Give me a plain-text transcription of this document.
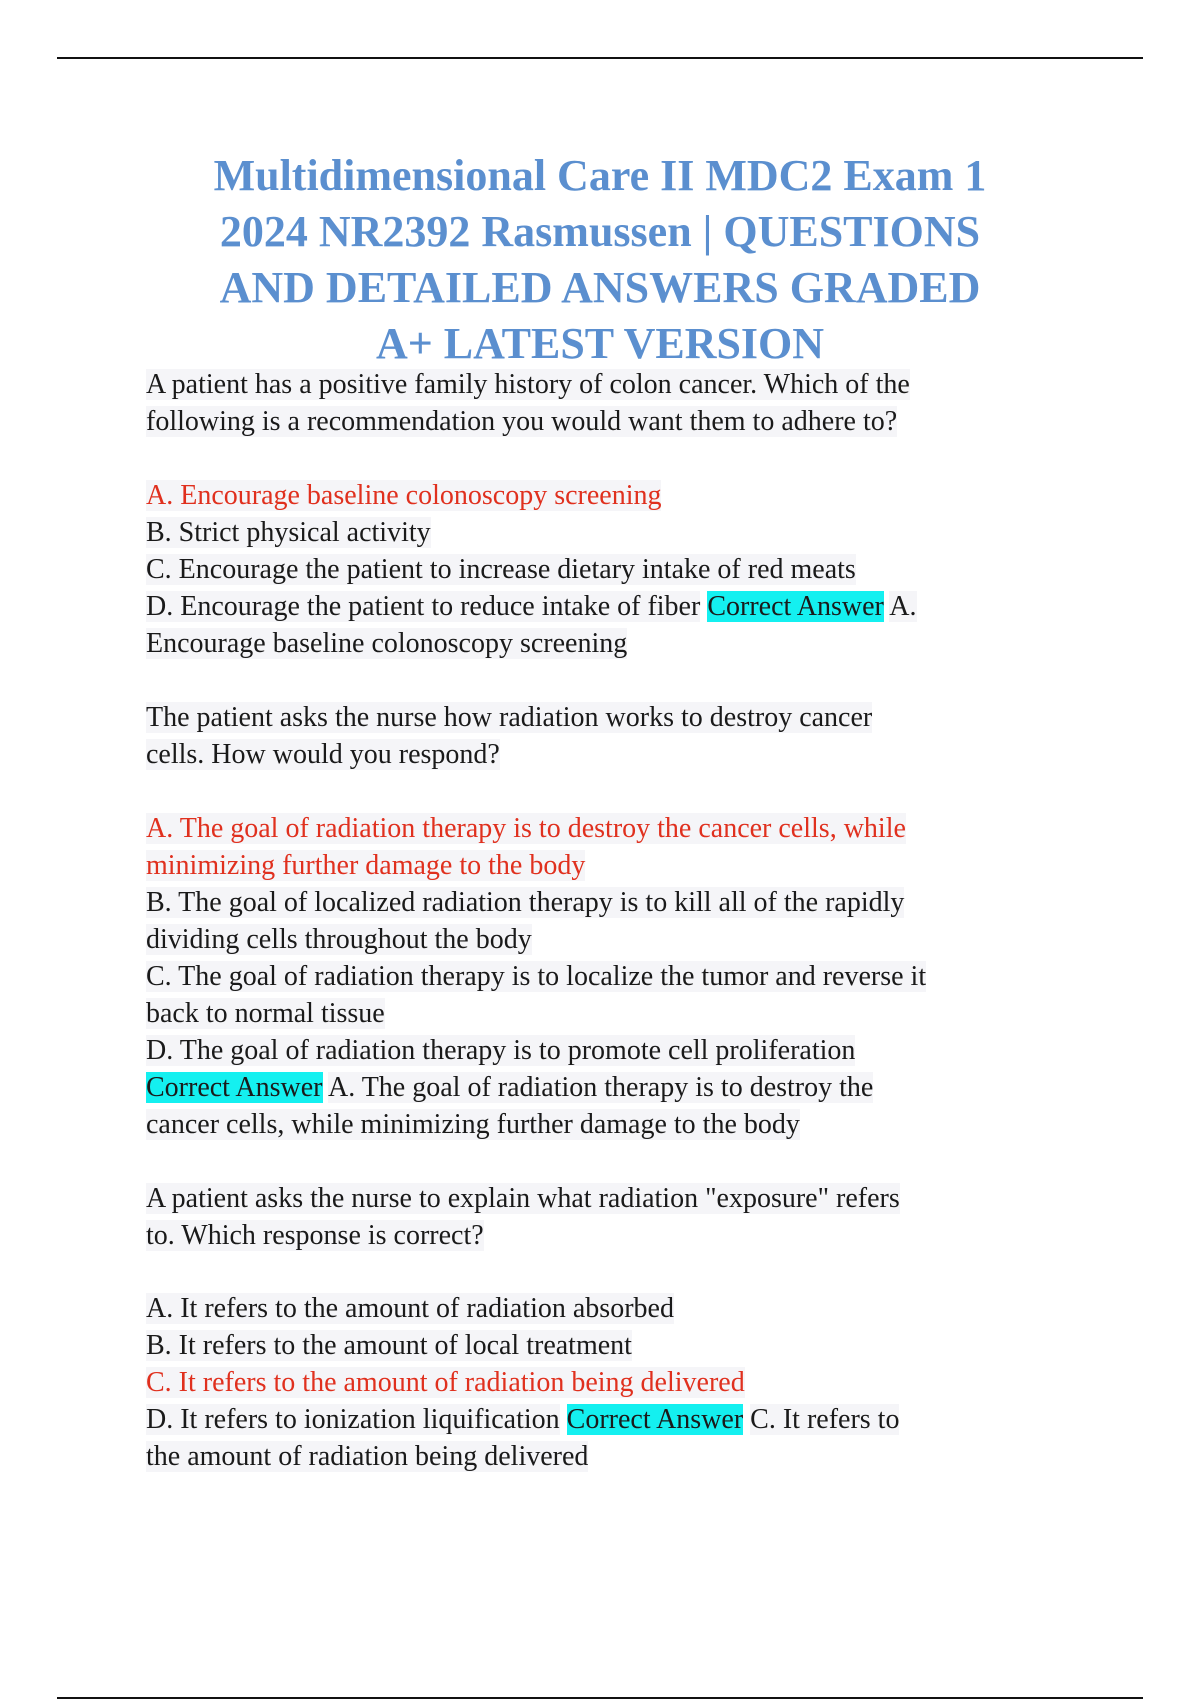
Multidimensional Care II MDC2 Exam 1
2024 NR2392 Rasmussen | QUESTIONS
AND DETAILED ANSWERS GRADED
A+ LATEST VERSION
A patient has a positive family history of colon cancer. Which of the
following is a recommendation you would want them to adhere to?
A. Encourage baseline colonoscopy screening
B. Strict physical activity
C. Encourage the patient to increase dietary intake of red meats
D. Encourage the patient to reduce intake of fiber Correct Answer A.
Encourage baseline colonoscopy screening
The patient asks the nurse how radiation works to destroy cancer
cells. How would you respond?
A. The goal of radiation therapy is to destroy the cancer cells, while
minimizing further damage to the body
B. The goal of localized radiation therapy is to kill all of the rapidly
dividing cells throughout the body
C. The goal of radiation therapy is to localize the tumor and reverse it
back to normal tissue
D. The goal of radiation therapy is to promote cell proliferation
Correct Answer A. The goal of radiation therapy is to destroy the
cancer cells, while minimizing further damage to the body
A patient asks the nurse to explain what radiation "exposure" refers
to. Which response is correct?
A. It refers to the amount of radiation absorbed
B. It refers to the amount of local treatment
C. It refers to the amount of radiation being delivered
D. It refers to ionization liquification Correct Answer C. It refers to
the amount of radiation being delivered
